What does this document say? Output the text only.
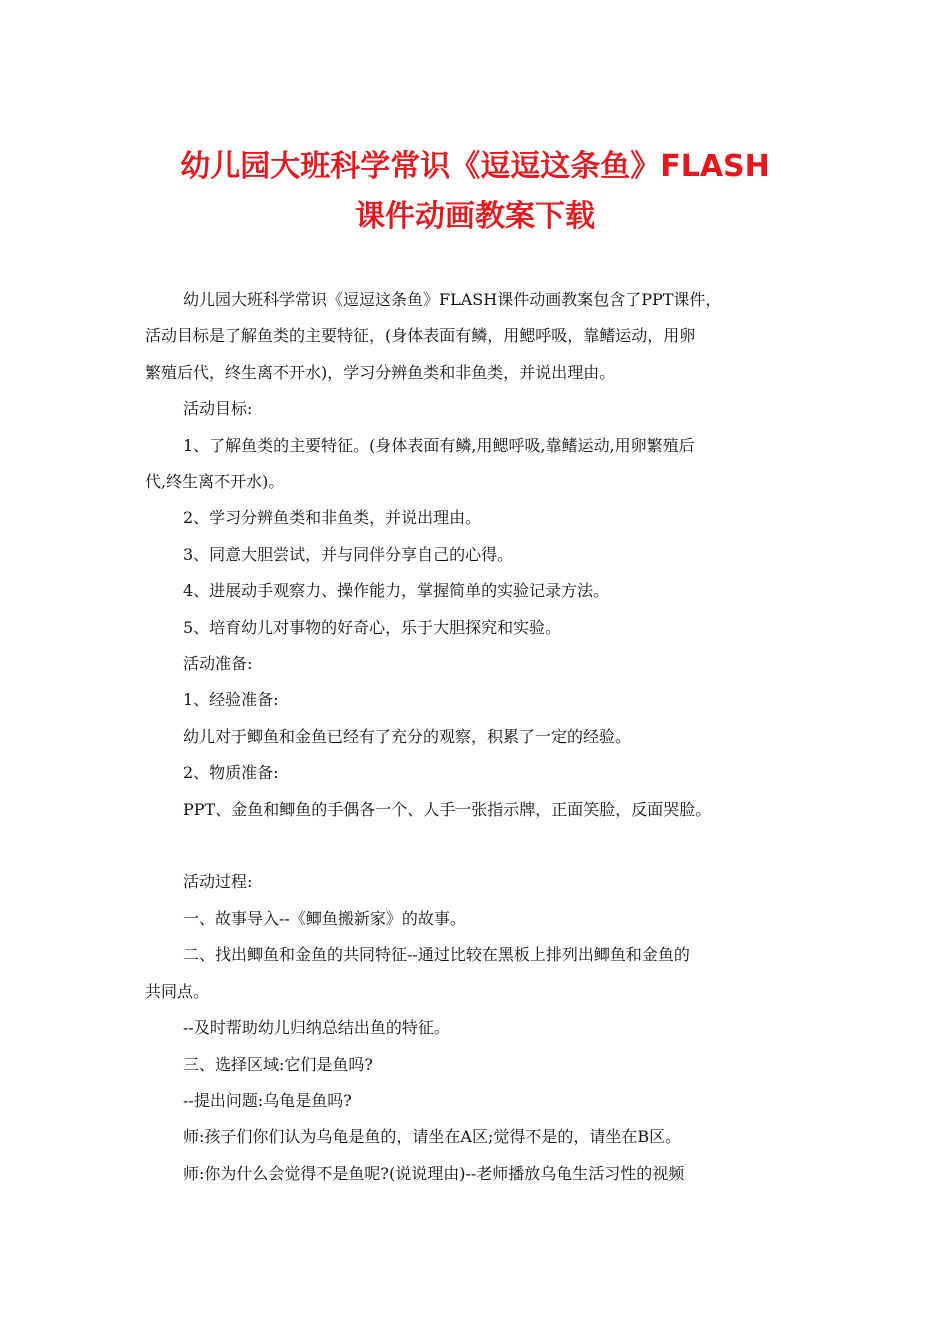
幼儿园大班科学常识《逗逗这条鱼》FLASH
课件动画教案下载

幼儿园大班科学常识《逗逗这条鱼》FLASH课件动画教案包含了PPT课件，

活动目标是了解鱼类的主要特征，(身体表面有鳞，用鳃呼吸，靠鳍运动，用卵

繁殖后代，终生离不开水)，学习分辨鱼类和非鱼类，并说出理由。

活动目标:

1、了解鱼类的主要特征。(身体表面有鳞,用鳃呼吸,靠鳍运动,用卵繁殖后

代,终生离不开水)。

2、学习分辨鱼类和非鱼类，并说出理由。

3、同意大胆尝试，并与同伴分享自己的心得。

4、进展动手观察力、操作能力，掌握简单的实验记录方法。

5、培育幼儿对事物的好奇心，乐于大胆探究和实验。

活动准备:

1、经验准备:

幼儿对于鲫鱼和金鱼已经有了充分的观察，积累了一定的经验。

2、物质准备:

PPT、金鱼和鲫鱼的手偶各一个、人手一张指示牌，正面笑脸，反面哭脸。

活动过程:

一、故事导入--《鲫鱼搬新家》的故事。

二、找出鲫鱼和金鱼的共同特征--通过比较在黑板上排列出鲫鱼和金鱼的

共同点。

--及时帮助幼儿归纳总结出鱼的特征。

三、选择区域:它们是鱼吗?

--提出问题:乌龟是鱼吗?

师:孩子们你们认为乌龟是鱼的，请坐在A区;觉得不是的，请坐在B区。

师:你为什么会觉得不是鱼呢?(说说理由)--老师播放乌龟生活习性的视频
